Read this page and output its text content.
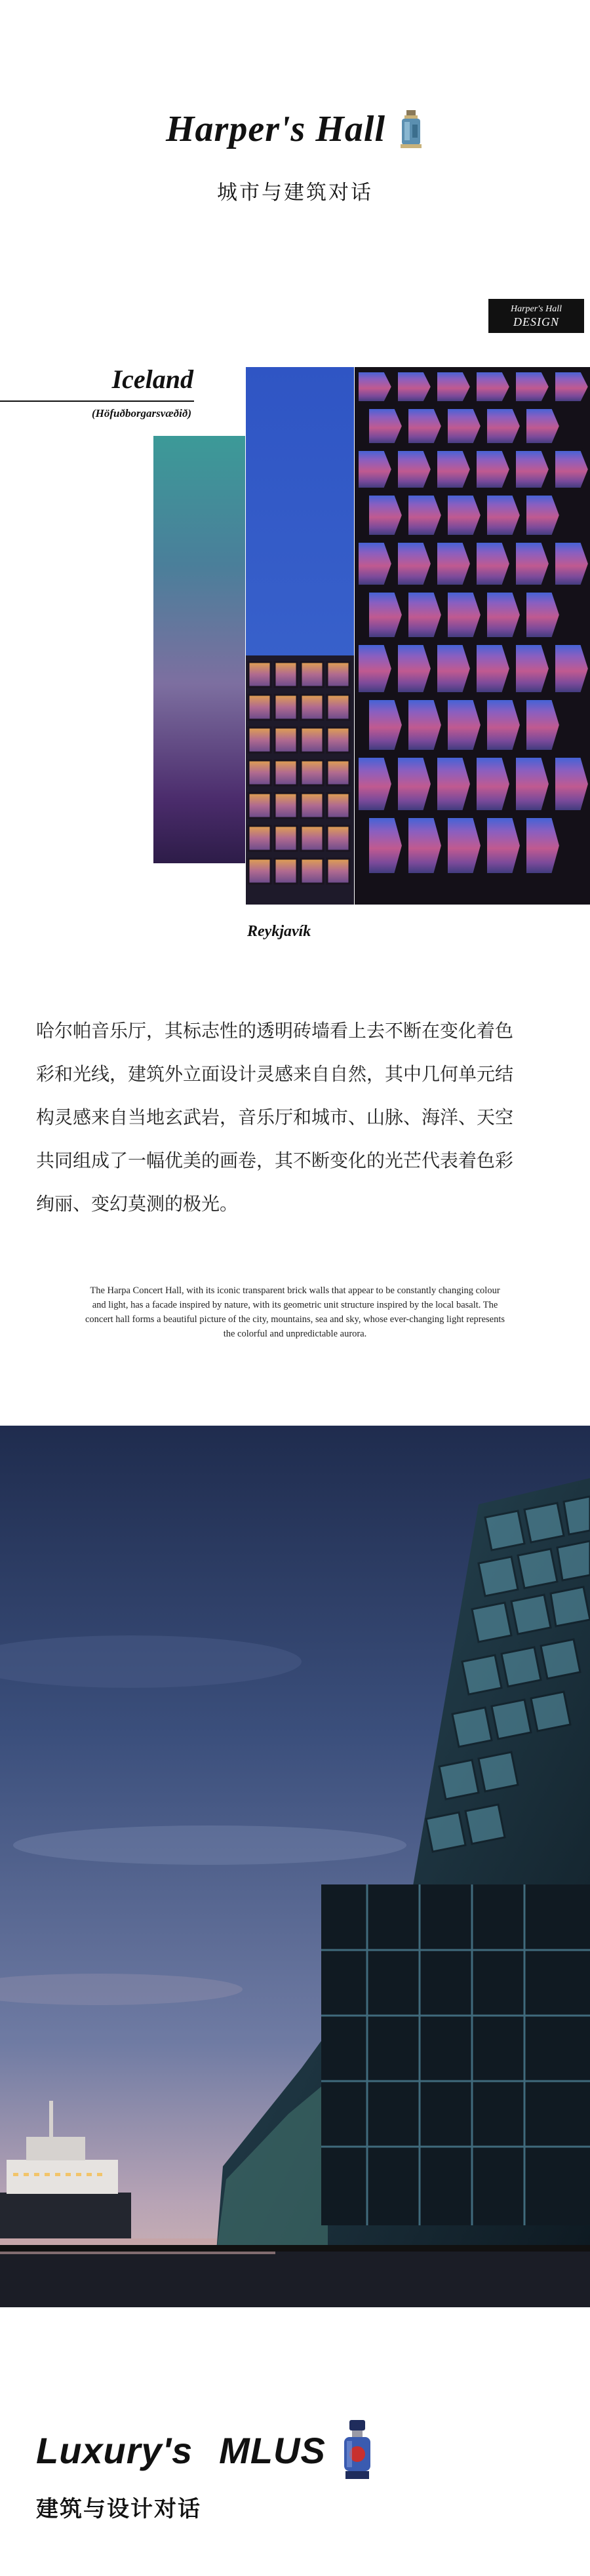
Harper's Hall
城市与建筑对话
Harper's Hall
DESIGN
Iceland
(Höfuðborgarsvæðið)
Reykjavík
哈尔帕音乐厅，其标志性的透明砖墙看上去不断在变化着色
彩和光线，建筑外立面设计灵感来自自然，其中几何单元结
构灵感来自当地玄武岩，音乐厅和城市、山脉、海洋、天空
共同组成了一幅优美的画卷，其不断变化的光芒代表着色彩
绚丽、变幻莫测的极光。
The Harpa Concert Hall, with its iconic transparent brick walls that appear to be constantly changing colour
and light, has a facade inspired by nature, with its geometric unit structure inspired by the local basalt. The
concert hall forms a beautiful picture of the city, mountains, sea and sky, whose ever-changing light represents
the colorful and unpredictable aurora.
Luxury's MLUS
建筑与设计对话
